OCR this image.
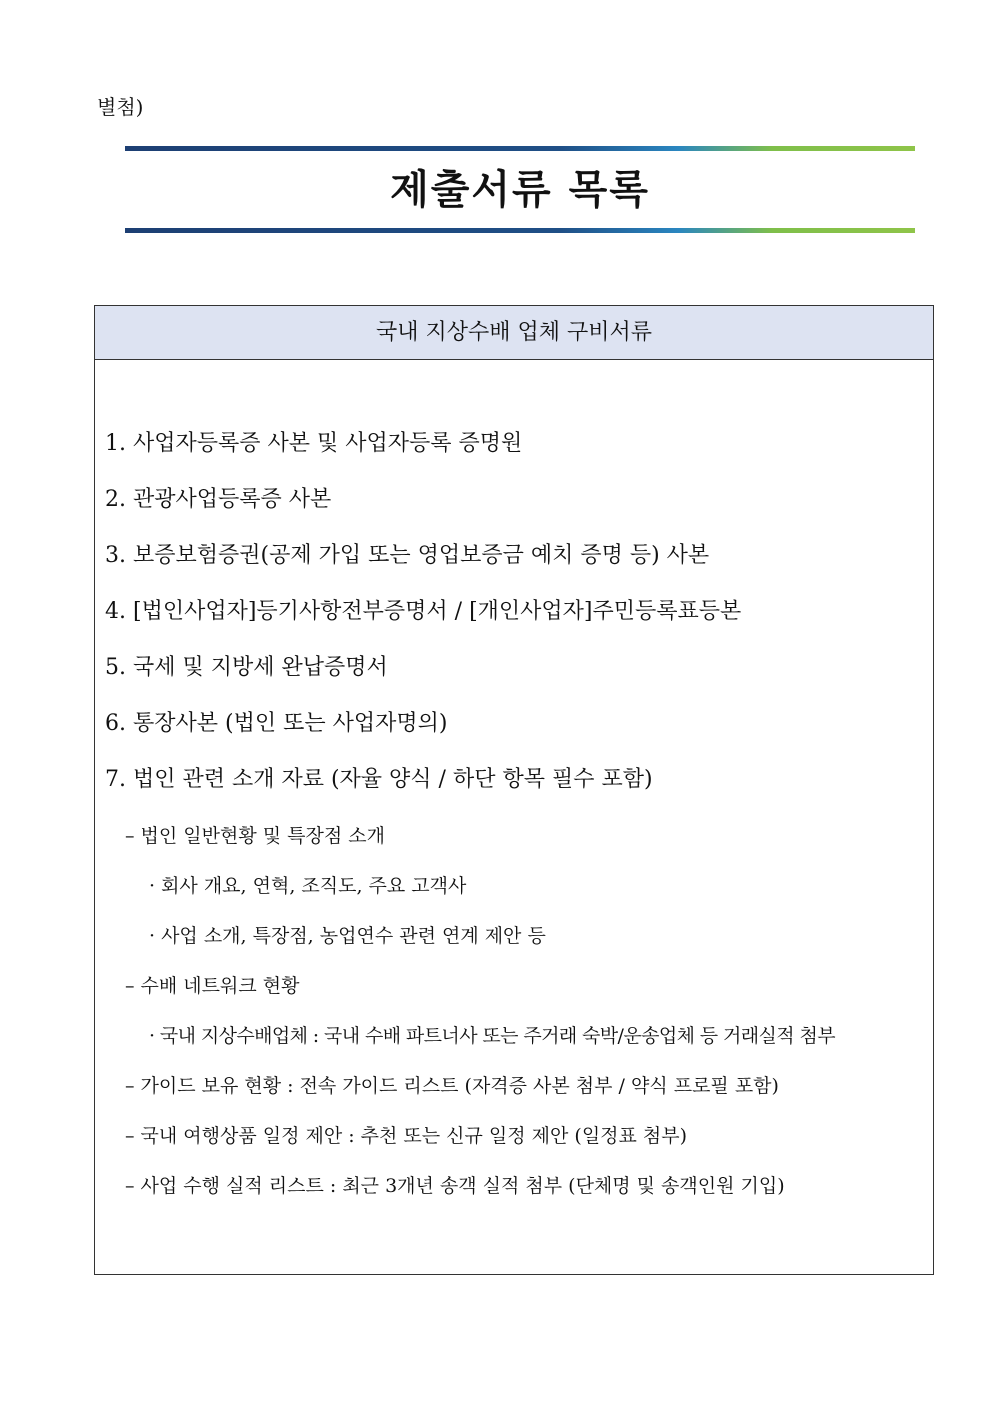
별첨)
제출서류 목록
국내 지상수배 업체 구비서류
1. 사업자등록증 사본 및 사업자등록 증명원
2. 관광사업등록증 사본
3. 보증보험증권(공제 가입 또는 영업보증금 예치 증명 등) 사본
4. [법인사업자]등기사항전부증명서 / [개인사업자]주민등록표등본
5. 국세 및 지방세 완납증명서
6. 통장사본 (법인 또는 사업자명의)
7. 법인 관련 소개 자료 (자율 양식 / 하단 항목 필수 포함)
– 법인 일반현황 및 특장점 소개
· 회사 개요, 연혁, 조직도, 주요 고객사
· 사업 소개, 특장점, 농업연수 관련 연계 제안 등
– 수배 네트워크 현황
· 국내 지상수배업체 : 국내 수배 파트너사 또는 주거래 숙박/운송업체 등 거래실적 첨부
– 가이드 보유 현황 : 전속 가이드 리스트 (자격증 사본 첨부 / 약식 프로필 포함)
– 국내 여행상품 일정 제안 : 추천 또는 신규 일정 제안 (일정표 첨부)
– 사업 수행 실적 리스트 : 최근 3개년 송객 실적 첨부 (단체명 및 송객인원 기입)
